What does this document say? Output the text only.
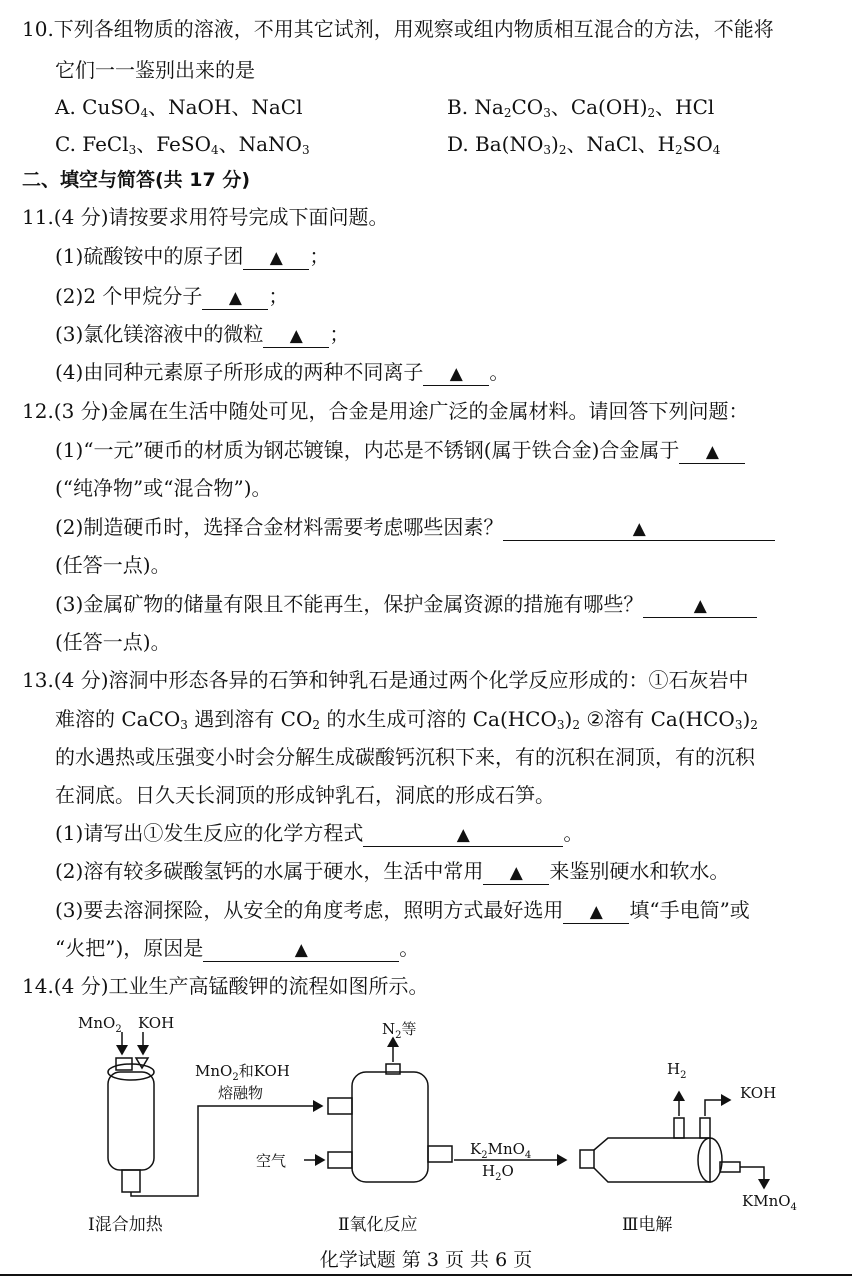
10.下列各组物质的溶液，不用其它试剂，用观察或组内物质相互混合的方法，不能将
它们一一鉴别出来的是
A. CuSO$_4$、NaOH、NaCl	B. $Na_2CO_3$、$Ca(OH)_2$、HCl
C. FeCl$_3$、FeSO$_4$、NaNO$_3$	D. $Ba(NO_3)_2$、NaCl、$H_2SO_4$
二、填空与简答(共 17 分)
11.(4 分)请按要求用符号完成下面问题。
(1)硫酸铵中的原子团 ▲ ；
(2)2 个甲烷分子 ▲ ；
(3)氯化镁溶液中的微粒 ▲ ；
(4)由同种元素原子所形成的两种不同离子 ▲ 。
12.(3 分)金属在生活中随处可见，合金是用途广泛的金属材料。请回答下列问题：
(1)“一元”硬币的材质为钢芯镀镍，内芯是不锈钢(属于铁合金)合金属于 ▲
(“纯净物”或“混合物”)。
(2)制造硬币时，选择合金材料需要考虑哪些因素？	▲
(任答一点)。
(3)金属矿物的储量有限且不能再生，保护金属资源的措施有哪些？	▲
(任答一点)。
13.(4 分)溶洞中形态各异的石笋和钟乳石是通过两个化学反应形成的：①石灰岩中
难溶的 CaCO$_3$ 遇到溶有 $CO_2$ 的水生成可溶的 $Ca(HCO_3)_2$ ②溶有 $Ca(HCO_3)_2$
的水遇热或压强变小时会分解生成碳酸钙沉积下来，有的沉积在洞顶，有的沉积
在洞底。日久天长洞顶的形成钟乳石，洞底的形成石笋。
(1)请写出①发生反应的化学方程式	▲	。
(2)溶有较多碳酸氢钙的水属于硬水，生活中常用 ▲ 来鉴别硬水和软水。
(3)要去溶洞探险，从安全的角度考虑，照明方式最好选用 ▲ 填“手电筒”或
“火把”)，原因是	▲	。
14.(4 分)工业生产高锰酸钾的流程如图所示。
MnO$_2$ KOH
MnO$_2$和KOH
熔融物
$N_2$等
空气
$K_2MnO_4$
$H_2O$
$H_2$
KOH
KMnO$_4$
Ⅰ混合加热	Ⅱ氧化反应	Ⅲ电解
化学试题 第 3 页 共 6 页
